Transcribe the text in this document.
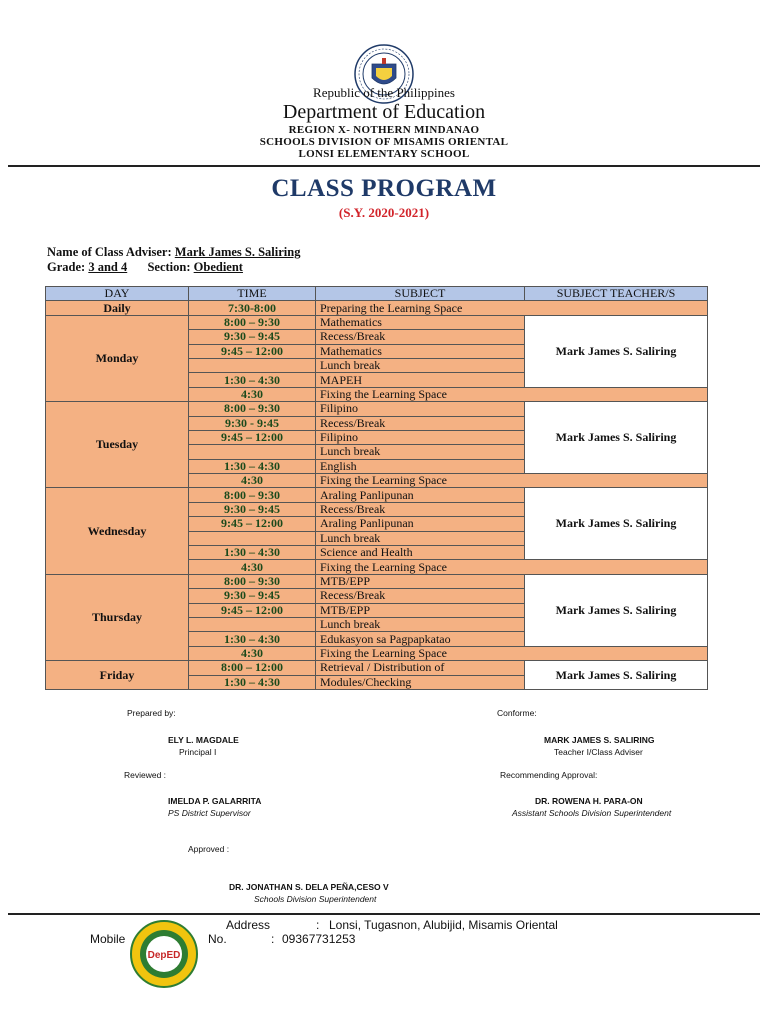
Republic of the Philippines
Department of Education
REGION X- NOTHERN MINDANAO
SCHOOLS DIVISION OF MISAMIS ORIENTAL
LONSI ELEMENTARY SCHOOL
CLASS PROGRAM
(S.Y. 2020-2021)
Name of Class Adviser: Mark James S. Saliring
Grade: 3 and 4 Section: Obedient
DAY	TIME	SUBJECT	SUBJECT TEACHER/S
Daily	7:30-8:00	Preparing the Learning Space	
Monday	8:00 – 9:30	Mathematics	Mark James S. Saliring
	9:30 – 9:45	Recess/Break	
	9:45 – 12:00	Mathematics	
		Lunch break	
	1:30 – 4:30	MAPEH	
	4:30	Fixing the Learning Space	
Tuesday	8:00 – 9:30	Filipino	Mark James S. Saliring
	9:30 - 9:45	Recess/Break	
	9:45 – 12:00	Filipino	
		Lunch break	
	1:30 – 4:30	English	
	4:30	Fixing the Learning Space	
Wednesday	8:00 – 9:30	Araling Panlipunan	Mark James S. Saliring
	9:30 – 9:45	Recess/Break	
	9:45 – 12:00	Araling Panlipunan	
		Lunch break	
	1:30 – 4:30	Science and Health	
	4:30	Fixing the Learning Space	
Thursday	8:00 – 9:30	MTB/EPP	Mark James S. Saliring
	9:30 – 9:45	Recess/Break	
	9:45 – 12:00	MTB/EPP	
		Lunch break	
	1:30 – 4:30	Edukasyon sa Pagpapkatao	
	4:30	Fixing the Learning Space	
Friday	8:00 – 12:00	Retrieval / Distribution of	Mark James S. Saliring
	1:30 – 4:30	Modules/Checking	
Prepared by:	Conforme:
ELY L. MAGDALE	MARK JAMES S. SALIRING
Principal I	Teacher I/Class Adviser
Reviewed :	Recommending Approval:
IMELDA P. GALARRITA	DR. ROWENA H. PARA-ON
PS District Supervisor	Assistant Schools Division Superintendent
Approved :
DR. JONATHAN S. DELA PEÑA,CESO V
Schools Division Superintendent
DepED
2000
Address	: Lonsi, Tugasnon, Alubijid, Misamis Oriental
Mobile	No.	: 09367731253
